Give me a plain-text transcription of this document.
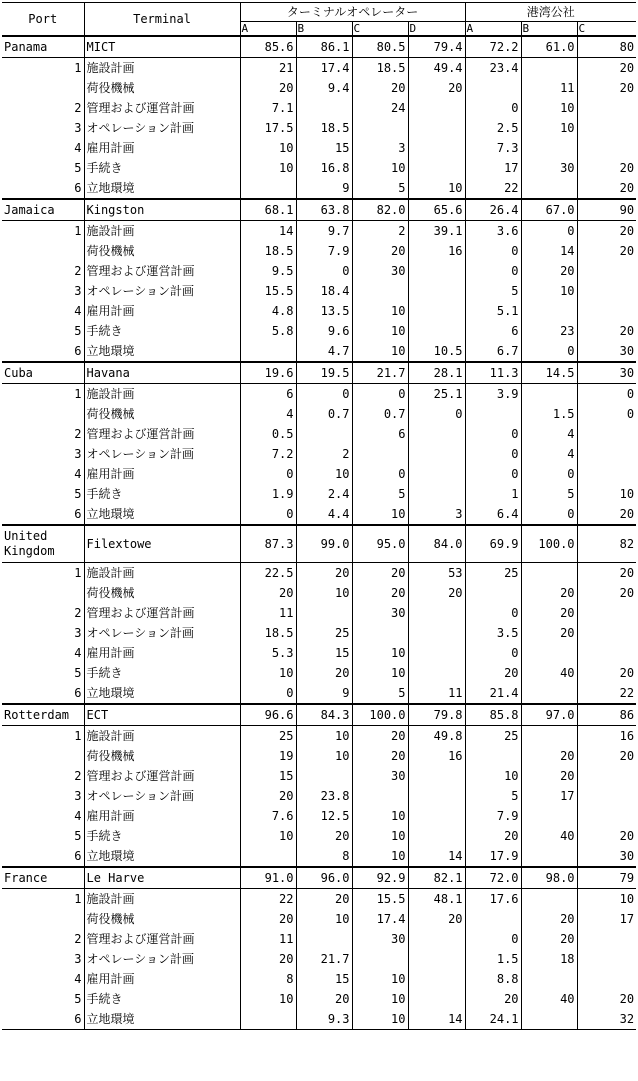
Port	Terminal	ターミナルオペレーター				港湾公社		
		A	B	C	D	A	B	C
Panama	MICT	85.6	86.1	80.5	79.4	72.2	61.0	80
1	施設計画	21	17.4	18.5	49.4	23.4		20
	荷役機械	20	9.4	20	20		11	20
2	管理および運営計画	7.1		24		0	10	
3	オペレーション計画	17.5	18.5			2.5	10	
4	雇用計画	10	15	3		7.3		
5	手続き	10	16.8	10		17	30	20
6	立地環境		9	5	10	22		20
Jamaica	Kingston	68.1	63.8	82.0	65.6	26.4	67.0	90
1	施設計画	14	9.7	2	39.1	3.6	0	20
	荷役機械	18.5	7.9	20	16	0	14	20
2	管理および運営計画	9.5	0	30		0	20	
3	オペレーション計画	15.5	18.4			5	10	
4	雇用計画	4.8	13.5	10		5.1		
5	手続き	5.8	9.6	10		6	23	20
6	立地環境		4.7	10	10.5	6.7	0	30
Cuba	Havana	19.6	19.5	21.7	28.1	11.3	14.5	30
1	施設計画	6	0	0	25.1	3.9		0
	荷役機械	4	0.7	0.7	0		1.5	0
2	管理および運営計画	0.5		6		0	4	
3	オペレーション計画	7.2	2			0	4	
4	雇用計画	0	10	0		0	0	
5	手続き	1.9	2.4	5		1	5	10
6	立地環境	0	4.4	10	3	6.4	0	20
United Kingdom	Filextowe	87.3	99.0	95.0	84.0	69.9	100.0	82
1	施設計画	22.5	20	20	53	25		20
	荷役機械	20	10	20	20		20	20
2	管理および運営計画	11		30		0	20	
3	オペレーション計画	18.5	25			3.5	20	
4	雇用計画	5.3	15	10		0		
5	手続き	10	20	10		20	40	20
6	立地環境	0	9	5	11	21.4		22
Rotterdam	ECT	96.6	84.3	100.0	79.8	85.8	97.0	86
1	施設計画	25	10	20	49.8	25		16
	荷役機械	19	10	20	16		20	20
2	管理および運営計画	15		30		10	20	
3	オペレーション計画	20	23.8			5	17	
4	雇用計画	7.6	12.5	10		7.9		
5	手続き	10	20	10		20	40	20
6	立地環境		8	10	14	17.9		30
France	Le Harve	91.0	96.0	92.9	82.1	72.0	98.0	79
1	施設計画	22	20	15.5	48.1	17.6		10
	荷役機械	20	10	17.4	20		20	17
2	管理および運営計画	11		30		0	20	
3	オペレーション計画	20	21.7			1.5	18	
4	雇用計画	8	15	10		8.8		
5	手続き	10	20	10		20	40	20
6	立地環境		9.3	10	14	24.1		32
